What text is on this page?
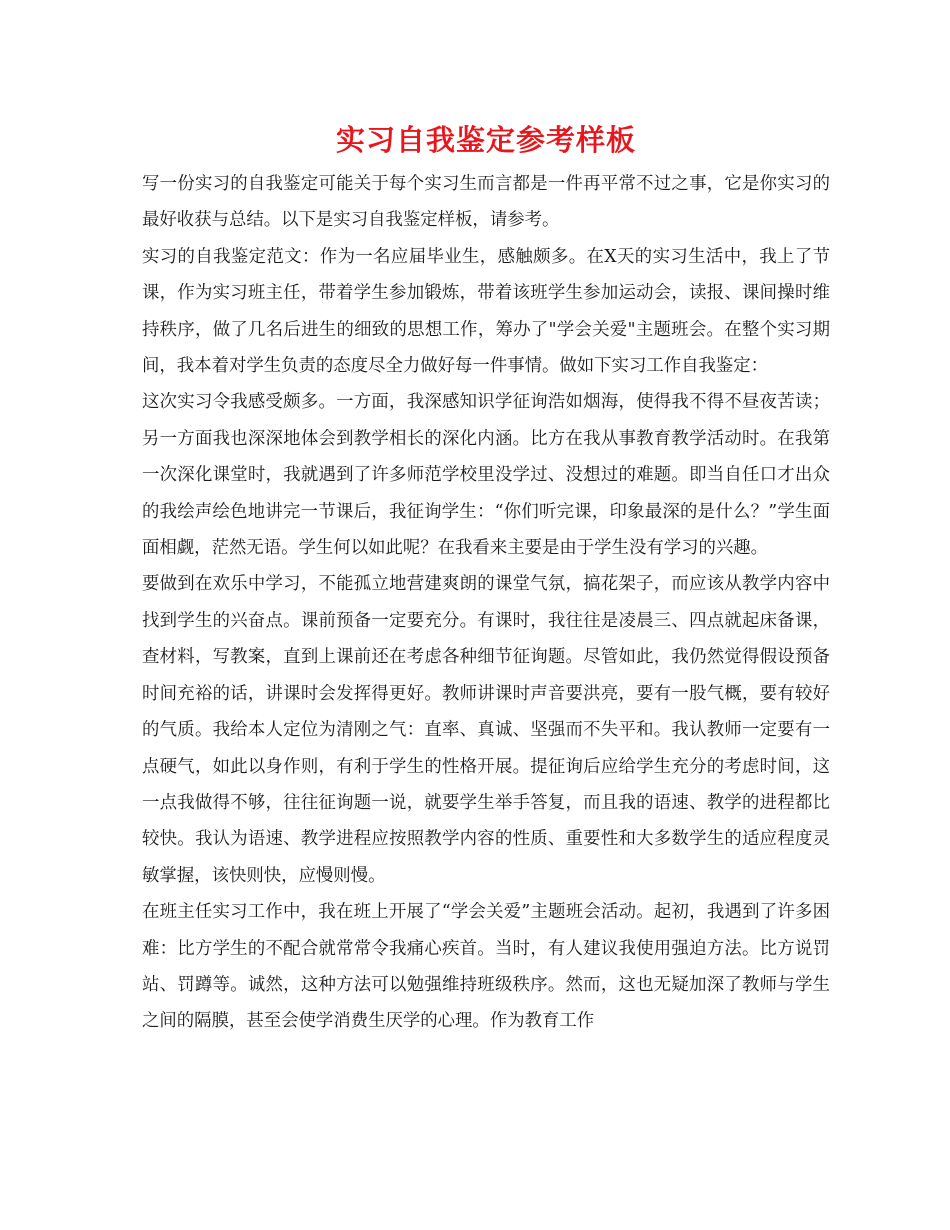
实习自我鉴定参考样板

写一份实习的自我鉴定可能关于每个实习生而言都是一件再平常不过之事，它是你实习的最好收获与总结。以下是实习自我鉴定样板，请参考。

实习的自我鉴定范文：作为一名应届毕业生，感触颇多。在X天的实习生活中，我上了节课，作为实习班主任，带着学生参加锻炼，带着该班学生参加运动会，读报、课间操时维持秩序，做了几名后进生的细致的思想工作，筹办了"学会关爱"主题班会。在整个实习期间，我本着对学生负责的态度尽全力做好每一件事情。做如下实习工作自我鉴定：

这次实习令我感受颇多。一方面，我深感知识学征询浩如烟海，使得我不得不昼夜苦读；另一方面我也深深地体会到教学相长的深化内涵。比方在我从事教育教学活动时。在我第一次深化课堂时，我就遇到了许多师范学校里没学过、没想过的难题。即当自任口才出众的我绘声绘色地讲完一节课后，我征询学生：“你们听完课，印象最深的是什么？”学生面面相觑，茫然无语。学生何以如此呢？在我看来主要是由于学生没有学习的兴趣。

要做到在欢乐中学习，不能孤立地营建爽朗的课堂气氛，搞花架子，而应该从教学内容中找到学生的兴奋点。课前预备一定要充分。有课时，我往往是凌晨三、四点就起床备课，查材料，写教案，直到上课前还在考虑各种细节征询题。尽管如此，我仍然觉得假设预备时间充裕的话，讲课时会发挥得更好。教师讲课时声音要洪亮，要有一股气概，要有较好的气质。我给本人定位为清刚之气：直率、真诚、坚强而不失平和。我认教师一定要有一点硬气，如此以身作则，有利于学生的性格开展。提征询后应给学生充分的考虑时间，这一点我做得不够，往往征询题一说，就要学生举手答复，而且我的语速、教学的进程都比较快。我认为语速、教学进程应按照教学内容的性质、重要性和大多数学生的适应程度灵敏掌握，该快则快，应慢则慢。

在班主任实习工作中，我在班上开展了“学会关爱”主题班会活动。起初，我遇到了许多困难：比方学生的不配合就常常令我痛心疾首。当时，有人建议我使用强迫方法。比方说罚站、罚蹲等。诚然，这种方法可以勉强维持班级秩序。然而，这也无疑加深了教师与学生之间的隔膜，甚至会使学消费生厌学的心理。作为教育工作
